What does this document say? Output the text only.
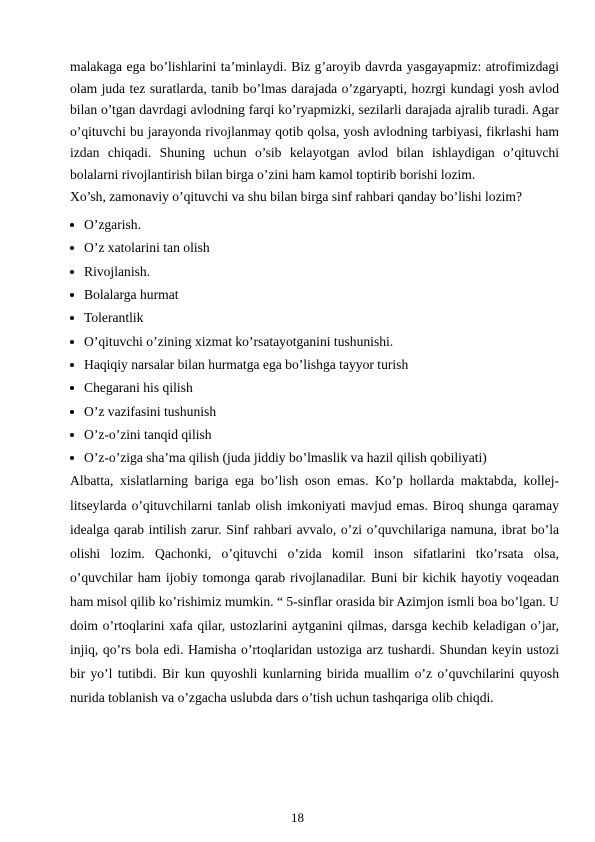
malakaga ega bo’lishlarini ta’minlaydi. Biz g’aroyib davrda yasgayapmiz: atrofimizdagi olam juda tez suratlarda, tanib bo’lmas darajada o’zgaryapti, hozrgi kundagi yosh avlod bilan o’tgan davrdagi avlodning farqi ko’ryapmizki, sezilarli darajada ajralib turadi. Agar o’qituvchi bu jarayonda rivojlanmay qotib qolsa, yosh avlodning tarbiyasi, fikrlashi ham izdan chiqadi. Shuning uchun o’sib kelayotgan avlod bilan ishlaydigan o’qituvchi bolalarni rivojlantirish bilan birga o’zini ham kamol toptirib borishi lozim.

Xo’sh, zamonaviy o’qituvchi va shu bilan birga sinf rahbari qanday bo’lishi lozim?

O’zgarish.
O’z xatolarini tan olish
Rivojlanish.
Bolalarga hurmat
Tolerantlik
O’qituvchi o’zining xizmat ko’rsatayotganini tushunishi.
Haqiqiy narsalar bilan hurmatga ega bo’lishga tayyor turish
Chegarani his qilish
O’z vazifasini tushunish
O’z-o’zini tanqid qilish
O’z-o’ziga sha’ma qilish (juda jiddiy bo’lmaslik va hazil qilish qobiliyati)

Albatta, xislatlarning bariga ega bo’lish oson emas. Ko’p hollarda maktabda, kollej-litseylarda o’qituvchilarni tanlab olish imkoniyati mavjud emas. Biroq shunga qaramay idealga qarab intilish zarur. Sinf rahbari avvalo, o’zi o’quvchilariga namuna, ibrat bo’la olishi lozim. Qachonki, o’qituvchi o’zida komil inson sifatlarini tko’rsata olsa, o’quvchilar ham ijobiy tomonga qarab rivojlanadilar. Buni bir kichik hayotiy voqeadan ham misol qilib ko’rishimiz mumkin. “ 5-sinflar orasida bir Azimjon ismli boa bo’lgan. U doim o’rtoqlarini xafa qilar, ustozlarini aytganini qilmas, darsga kechib keladigan o’jar, injiq, qo’rs bola edi. Hamisha o’rtoqlaridan ustoziga arz tushardi. Shundan keyin ustozi bir yo’l tutibdi. Bir kun quyoshli kunlarning birida muallim o’z o’quvchilarini quyosh nurida toblanish va o’zgacha uslubda dars o’tish uchun tashqariga olib chiqdi.

18
